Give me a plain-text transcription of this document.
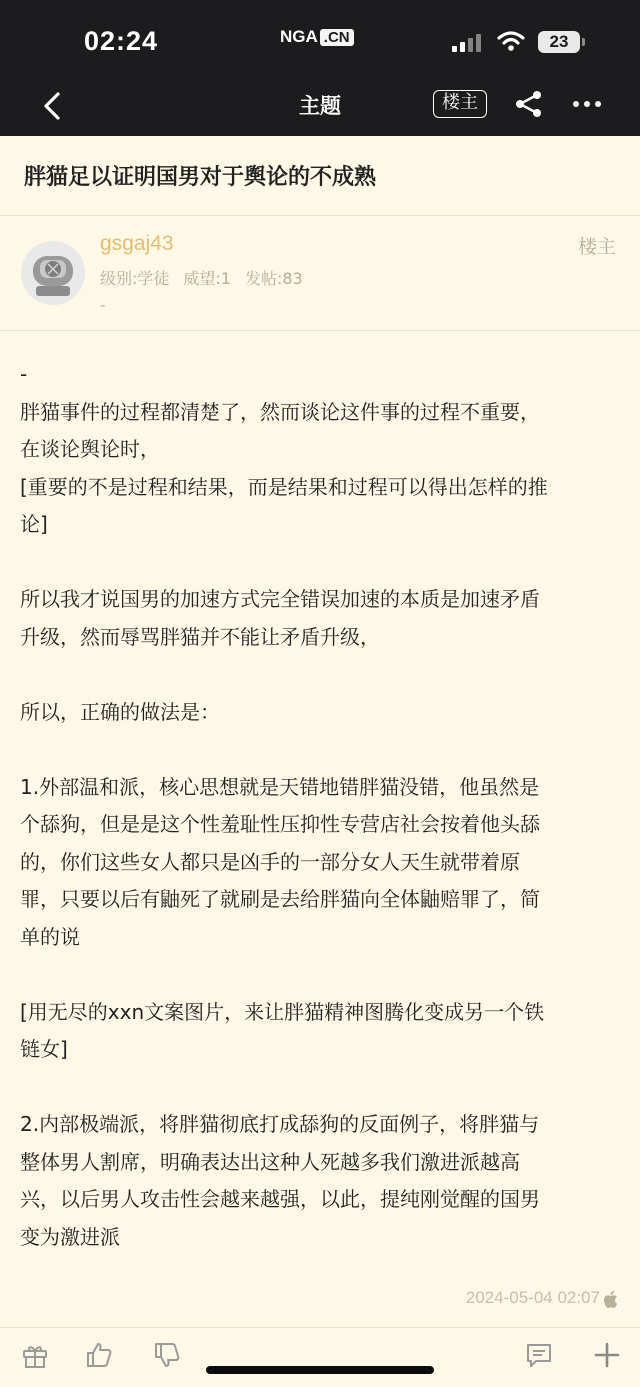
02:24	NGA .CN	23
主题	楼主
胖猫足以证明国男对于舆论的不成熟
gsgaj43
级别:学徒 威望:1 发帖:83
-
楼主

-

胖猫事件的过程都清楚了，然而谈论这件事的过程不重要，

在谈论舆论时，

[重要的不是过程和结果，而是结果和过程可以得出怎样的推

论]

所以我才说国男的加速方式完全错误加速的本质是加速矛盾

升级，然而辱骂胖猫并不能让矛盾升级，

所以，正确的做法是：

1.外部温和派，核心思想就是天错地错胖猫没错，他虽然是

个舔狗，但是是这个性羞耻性压抑性专营店社会按着他头舔

的，你们这些女人都只是凶手的一部分女人天生就带着原

罪，只要以后有鼬死了就刷是去给胖猫向全体鼬赔罪了，简

单的说

[用无尽的xxn文案图片，来让胖猫精神图腾化变成另一个铁

链女]

2.内部极端派，将胖猫彻底打成舔狗的反面例子，将胖猫与

整体男人割席，明确表达出这种人死越多我们激进派越高

兴，以后男人攻击性会越来越强，以此，提纯刚觉醒的国男

变为激进派

2024-05-04 02:07
